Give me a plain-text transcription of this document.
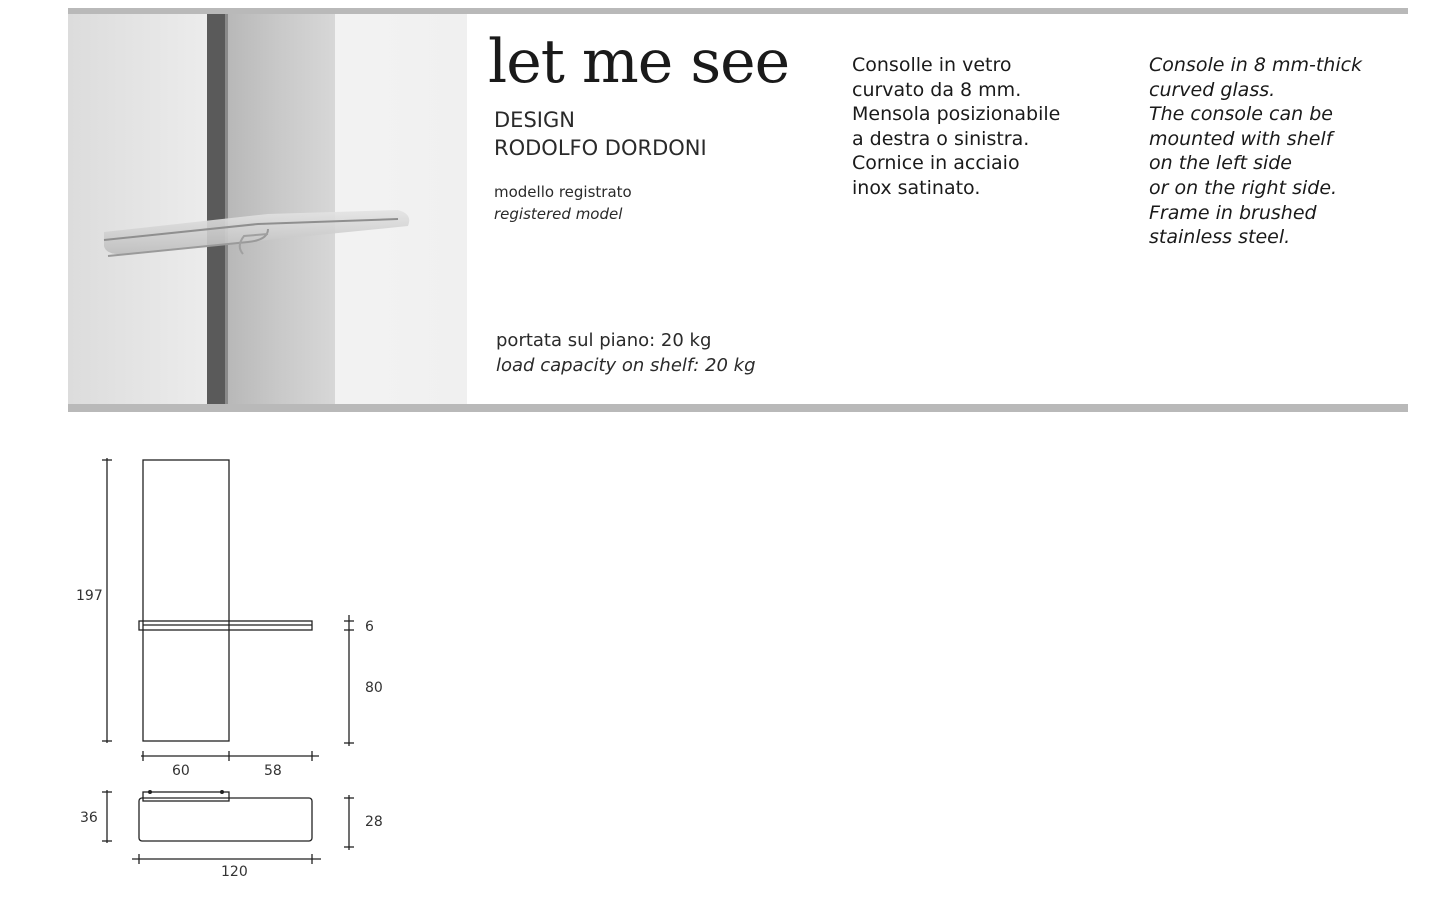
let me see
DESIGN
RODOLFO DORDONI
modello registrato
registered model
portata sul piano: 20 kg
load capacity on shelf: 20 kg
Consolle in vetro
curvato da 8 mm.
Mensola posizionabile
a destra o sinistra.
Cornice in acciaio
inox satinato.
Console in 8 mm-thick
curved glass.
The console can be
mounted with shelf
on the left side
or on the right side.
Frame in brushed
stainless steel.
197
6
80
60	58
36	28
120
